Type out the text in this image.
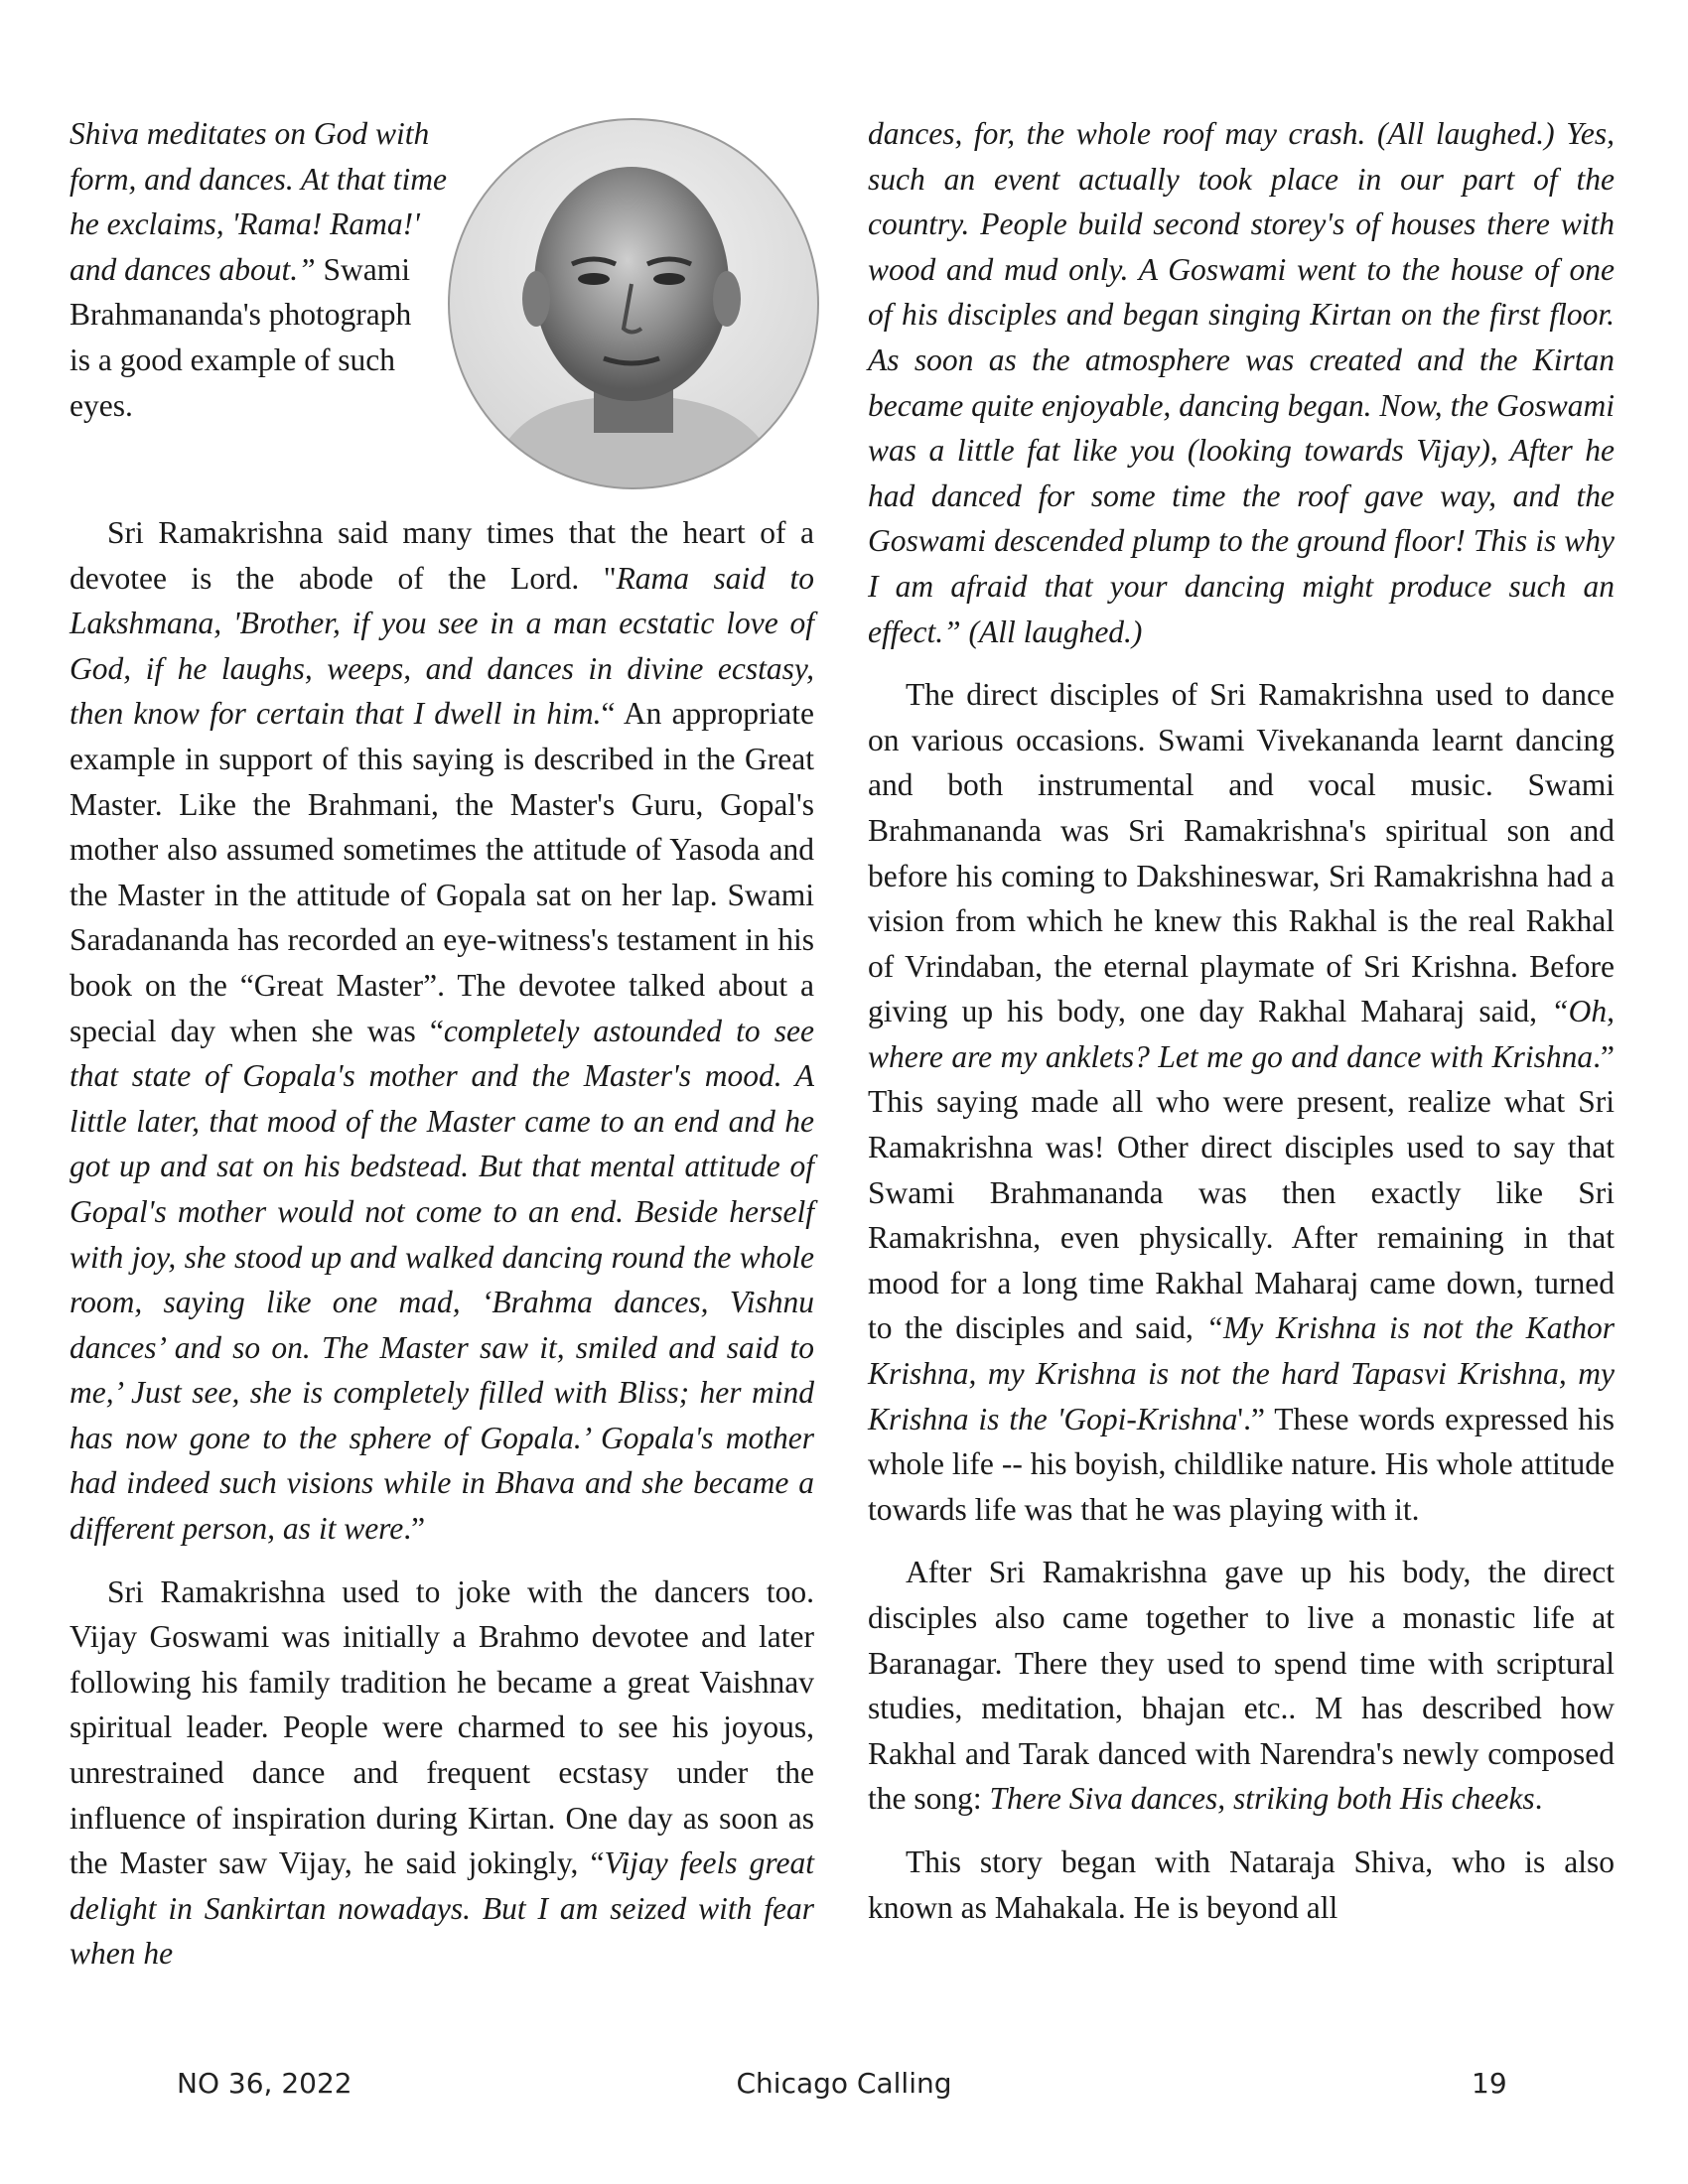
Shiva meditates on God with form, and dances. At that time he exclaims, 'Rama! Rama!' and dances about.” Swami Brahmananda's photograph is a good example of such eyes.

Sri Ramakrishna said many times that the heart of a devotee is the abode of the Lord. "Rama said to Lakshmana, 'Brother, if you see in a man ecstatic love of God, if he laughs, weeps, and dances in divine ecstasy, then know for certain that I dwell in him.“ An appropriate example in support of this saying is described in the Great Master. Like the Brahmani, the Master's Guru, Gopal's mother also assumed sometimes the attitude of Yasoda and the Master in the attitude of Gopala sat on her lap. Swami Saradananda has recorded an eye-witness's testament in his book on the “Great Master”. The devotee talked about a special day when she was “completely astounded to see that state of Gopala's mother and the Master's mood. A little later, that mood of the Master came to an end and he got up and sat on his bedstead. But that mental attitude of Gopal's mother would not come to an end. Beside herself with joy, she stood up and walked dancing round the whole room, saying like one mad, ‘Brahma dances, Vishnu dances’ and so on. The Master saw it, smiled and said to me,’ Just see, she is completely filled with Bliss; her mind has now gone to the sphere of Gopala.’ Gopala's mother had indeed such visions while in Bhava and she became a different person, as it were.”

Sri Ramakrishna used to joke with the dancers too. Vijay Goswami was initially a Brahmo devotee and later following his family tradition he became a great Vaishnav spiritual leader. People were charmed to see his joyous, unrestrained dance and frequent ecstasy under the influence of inspiration during Kirtan. One day as soon as the Master saw Vijay, he said jokingly, “Vijay feels great delight in Sankirtan nowadays. But I am seized with fear when he

dances, for, the whole roof may crash. (All laughed.) Yes, such an event actually took place in our part of the country. People build second storey's of houses there with wood and mud only. A Goswami went to the house of one of his disciples and began singing Kirtan on the first floor. As soon as the atmosphere was created and the Kirtan became quite enjoyable, dancing began. Now, the Goswami was a little fat like you (looking towards Vijay), After he had danced for some time the roof gave way, and the Goswami descended plump to the ground floor! This is why I am afraid that your dancing might produce such an effect.” (All laughed.)

The direct disciples of Sri Ramakrishna used to dance on various occasions. Swami Vivekananda learnt dancing and both instrumental and vocal music. Swami Brahmananda was Sri Ramakrishna's spiritual son and before his coming to Dakshineswar, Sri Ramakrishna had a vision from which he knew this Rakhal is the real Rakhal of Vrindaban, the eternal playmate of Sri Krishna. Before giving up his body, one day Rakhal Maharaj said, “Oh, where are my anklets? Let me go and dance with Krishna.” This saying made all who were present, realize what Sri Ramakrishna was! Other direct disciples used to say that Swami Brahmananda was then exactly like Sri Ramakrishna, even physically. After remaining in that mood for a long time Rakhal Maharaj came down, turned to the disciples and said, “My Krishna is not the Kathor Krishna, my Krishna is not the hard Tapasvi Krishna, my Krishna is the 'Gopi-Krishna'.” These words expressed his whole life -- his boyish, childlike nature. His whole attitude towards life was that he was playing with it.

After Sri Ramakrishna gave up his body, the direct disciples also came together to live a monastic life at Baranagar. There they used to spend time with scriptural studies, meditation, bhajan etc.. M has described how Rakhal and Tarak danced with Narendra's newly composed the song: There Siva dances, striking both His cheeks.

This story began with Nataraja Shiva, who is also known as Mahakala. He is beyond all

NO 36, 2022	Chicago Calling	19
